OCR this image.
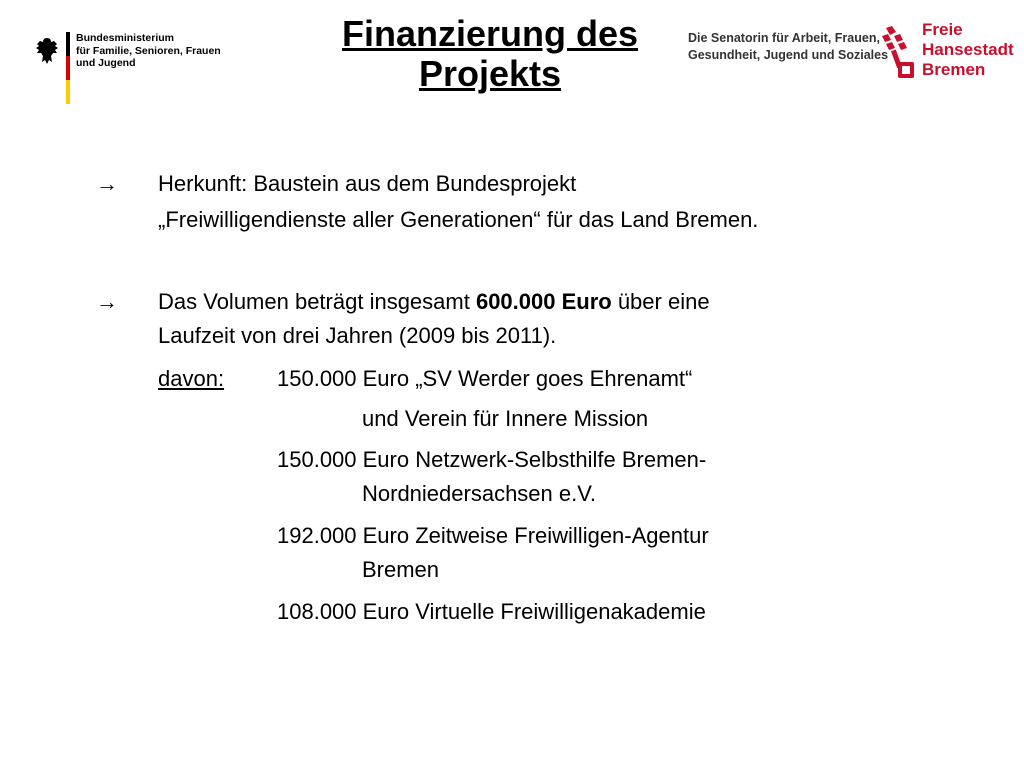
Bundesministerium
für Familie, Senioren, Frauen
und Jugend
Finanzierung des
Projekts
Die Senatorin für Arbeit, Frauen,
Gesundheit, Jugend und Soziales
Freie
Hansestadt
Bremen
→ Herkunft: Baustein aus dem Bundesprojekt
„Freiwilligendienste aller Generationen“ für das Land Bremen.
→ Das Volumen beträgt insgesamt 600.000 Euro über eine
Laufzeit von drei Jahren (2009 bis 2011).
davon: 150.000 Euro „SV Werder goes Ehrenamt“
und Verein für Innere Mission
150.000 Euro Netzwerk-Selbsthilfe Bremen-
Nordniedersachsen e.V.
192.000 Euro Zeitweise Freiwilligen-Agentur
Bremen
108.000 Euro Virtuelle Freiwilligenakademie
